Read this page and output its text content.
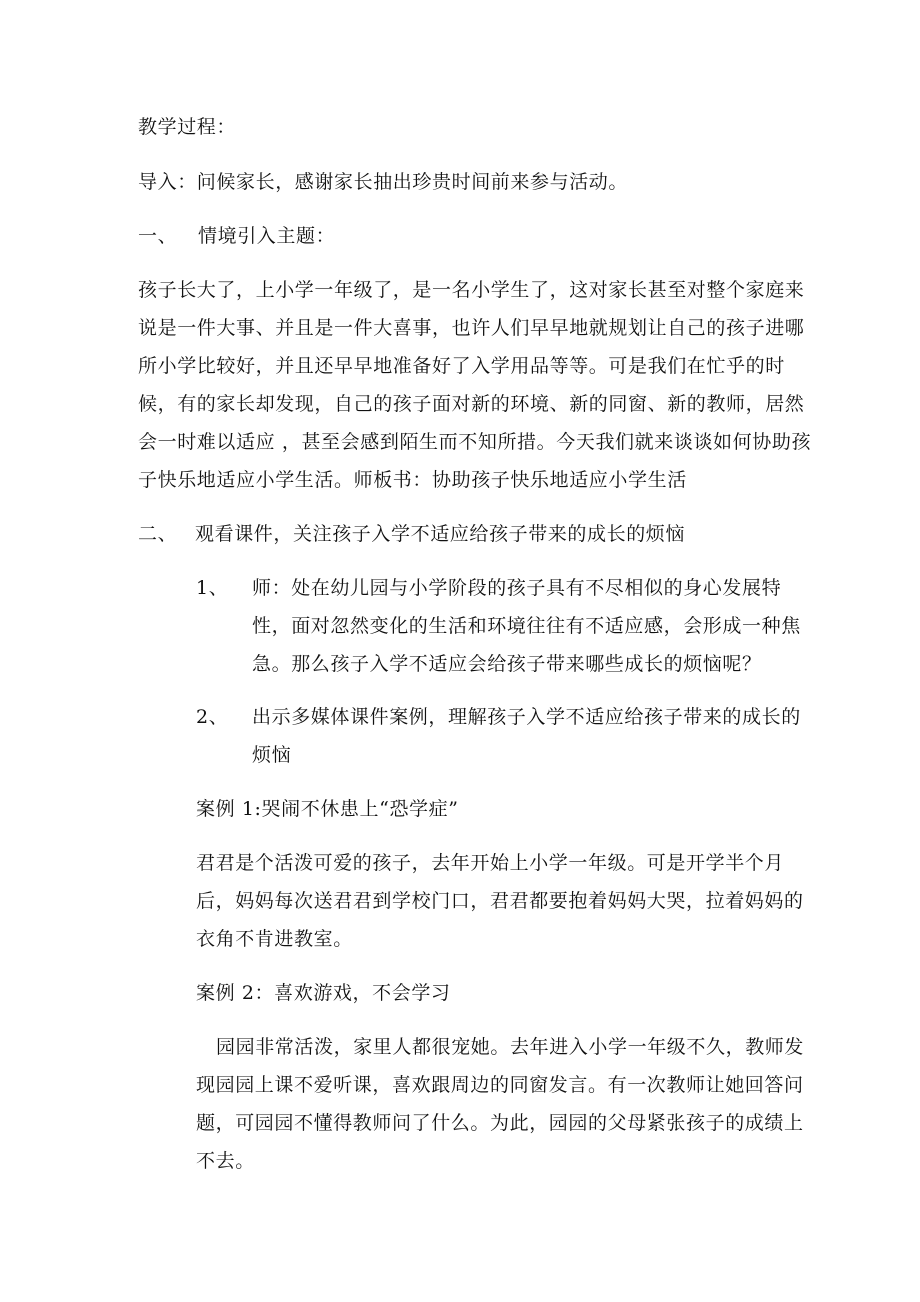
教学过程：
导入：问候家长，感谢家长抽出珍贵时间前来参与活动。
一、 情境引入主题：
孩子长大了，上小学一年级了，是一名小学生了，这对家长甚至对整个家庭来
说是一件大事、并且是一件大喜事，也许人们早早地就规划让自己的孩子进哪
所小学比较好，并且还早早地准备好了入学用品等等。可是我们在忙乎的时
候，有的家长却发现，自己的孩子面对新的环境、新的同窗、新的教师，居然
会一时难以适应 ，甚至会感到陌生而不知所措。今天我们就来谈谈如何协助孩
子快乐地适应小学生活。师板书：协助孩子快乐地适应小学生活
二、 观看课件，关注孩子入学不适应给孩子带来的成长的烦恼
1、 师：处在幼儿园与小学阶段的孩子具有不尽相似的身心发展特
性，面对忽然变化的生活和环境往往有不适应感，会形成一种焦
急。那么孩子入学不适应会给孩子带来哪些成长的烦恼呢？
2、 出示多媒体课件案例，理解孩子入学不适应给孩子带来的成长的
烦恼
案例 1:哭闹不休患上“恐学症”
君君是个活泼可爱的孩子，去年开始上小学一年级。可是开学半个月
后，妈妈每次送君君到学校门口，君君都要抱着妈妈大哭，拉着妈妈的
衣角不肯进教室。
案例 2：喜欢游戏，不会学习
园园非常活泼，家里人都很宠她。去年进入小学一年级不久，教师发
现园园上课不爱听课，喜欢跟周边的同窗发言。有一次教师让她回答问
题，可园园不懂得教师问了什么。为此，园园的父母紧张孩子的成绩上
不去。
